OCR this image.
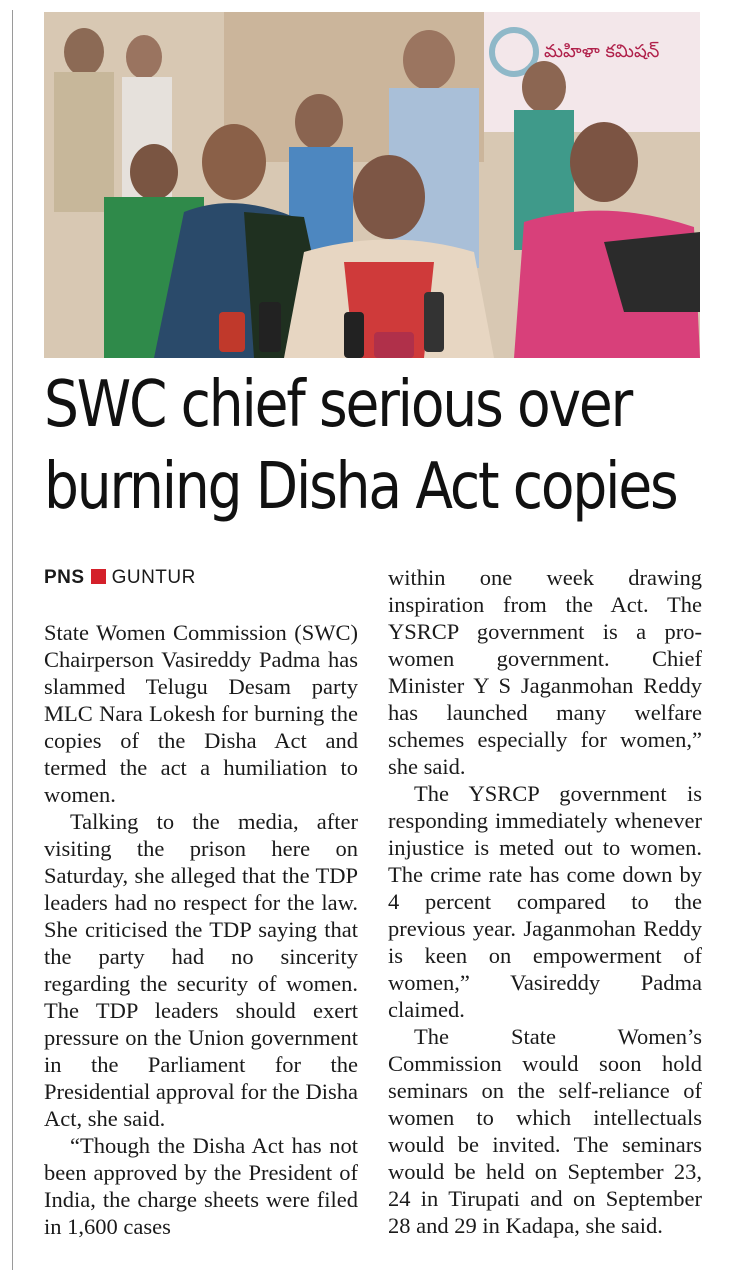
మహిళా కమిషన్
SWC chief serious over
burning Disha Act copies
PNS GUNTUR

State Women Commission (SWC) Chairperson Vasireddy Padma has slammed Telugu Desam party MLC Nara Lokesh for burning the copies of the Disha Act and termed the act a humiliation to women.

Talking to the media, after visiting the prison here on Saturday, she alleged that the TDP leaders had no respect for the law. She criticised the TDP saying that the party had no sincerity regarding the security of women. The TDP leaders should exert pressure on the Union government in the Parliament for the Presidential approval for the Disha Act, she said.

“Though the Disha Act has not been approved by the President of India, the charge sheets were filed in 1,600 cases

within one week drawing inspiration from the Act. The YSRCP government is a pro-women government. Chief Minister Y S Jaganmohan Reddy has launched many welfare schemes especially for women,” she said.

The YSRCP government is responding immediately whenever injustice is meted out to women. The crime rate has come down by 4 percent compared to the previous year. Jaganmohan Reddy is keen on empowerment of women,” Vasireddy Padma claimed.

The State Women’s Commission would soon hold seminars on the self-reliance of women to which intellectuals would be invited. The seminars would be held on September 23, 24 in Tirupati and on September 28 and 29 in Kadapa, she said.
